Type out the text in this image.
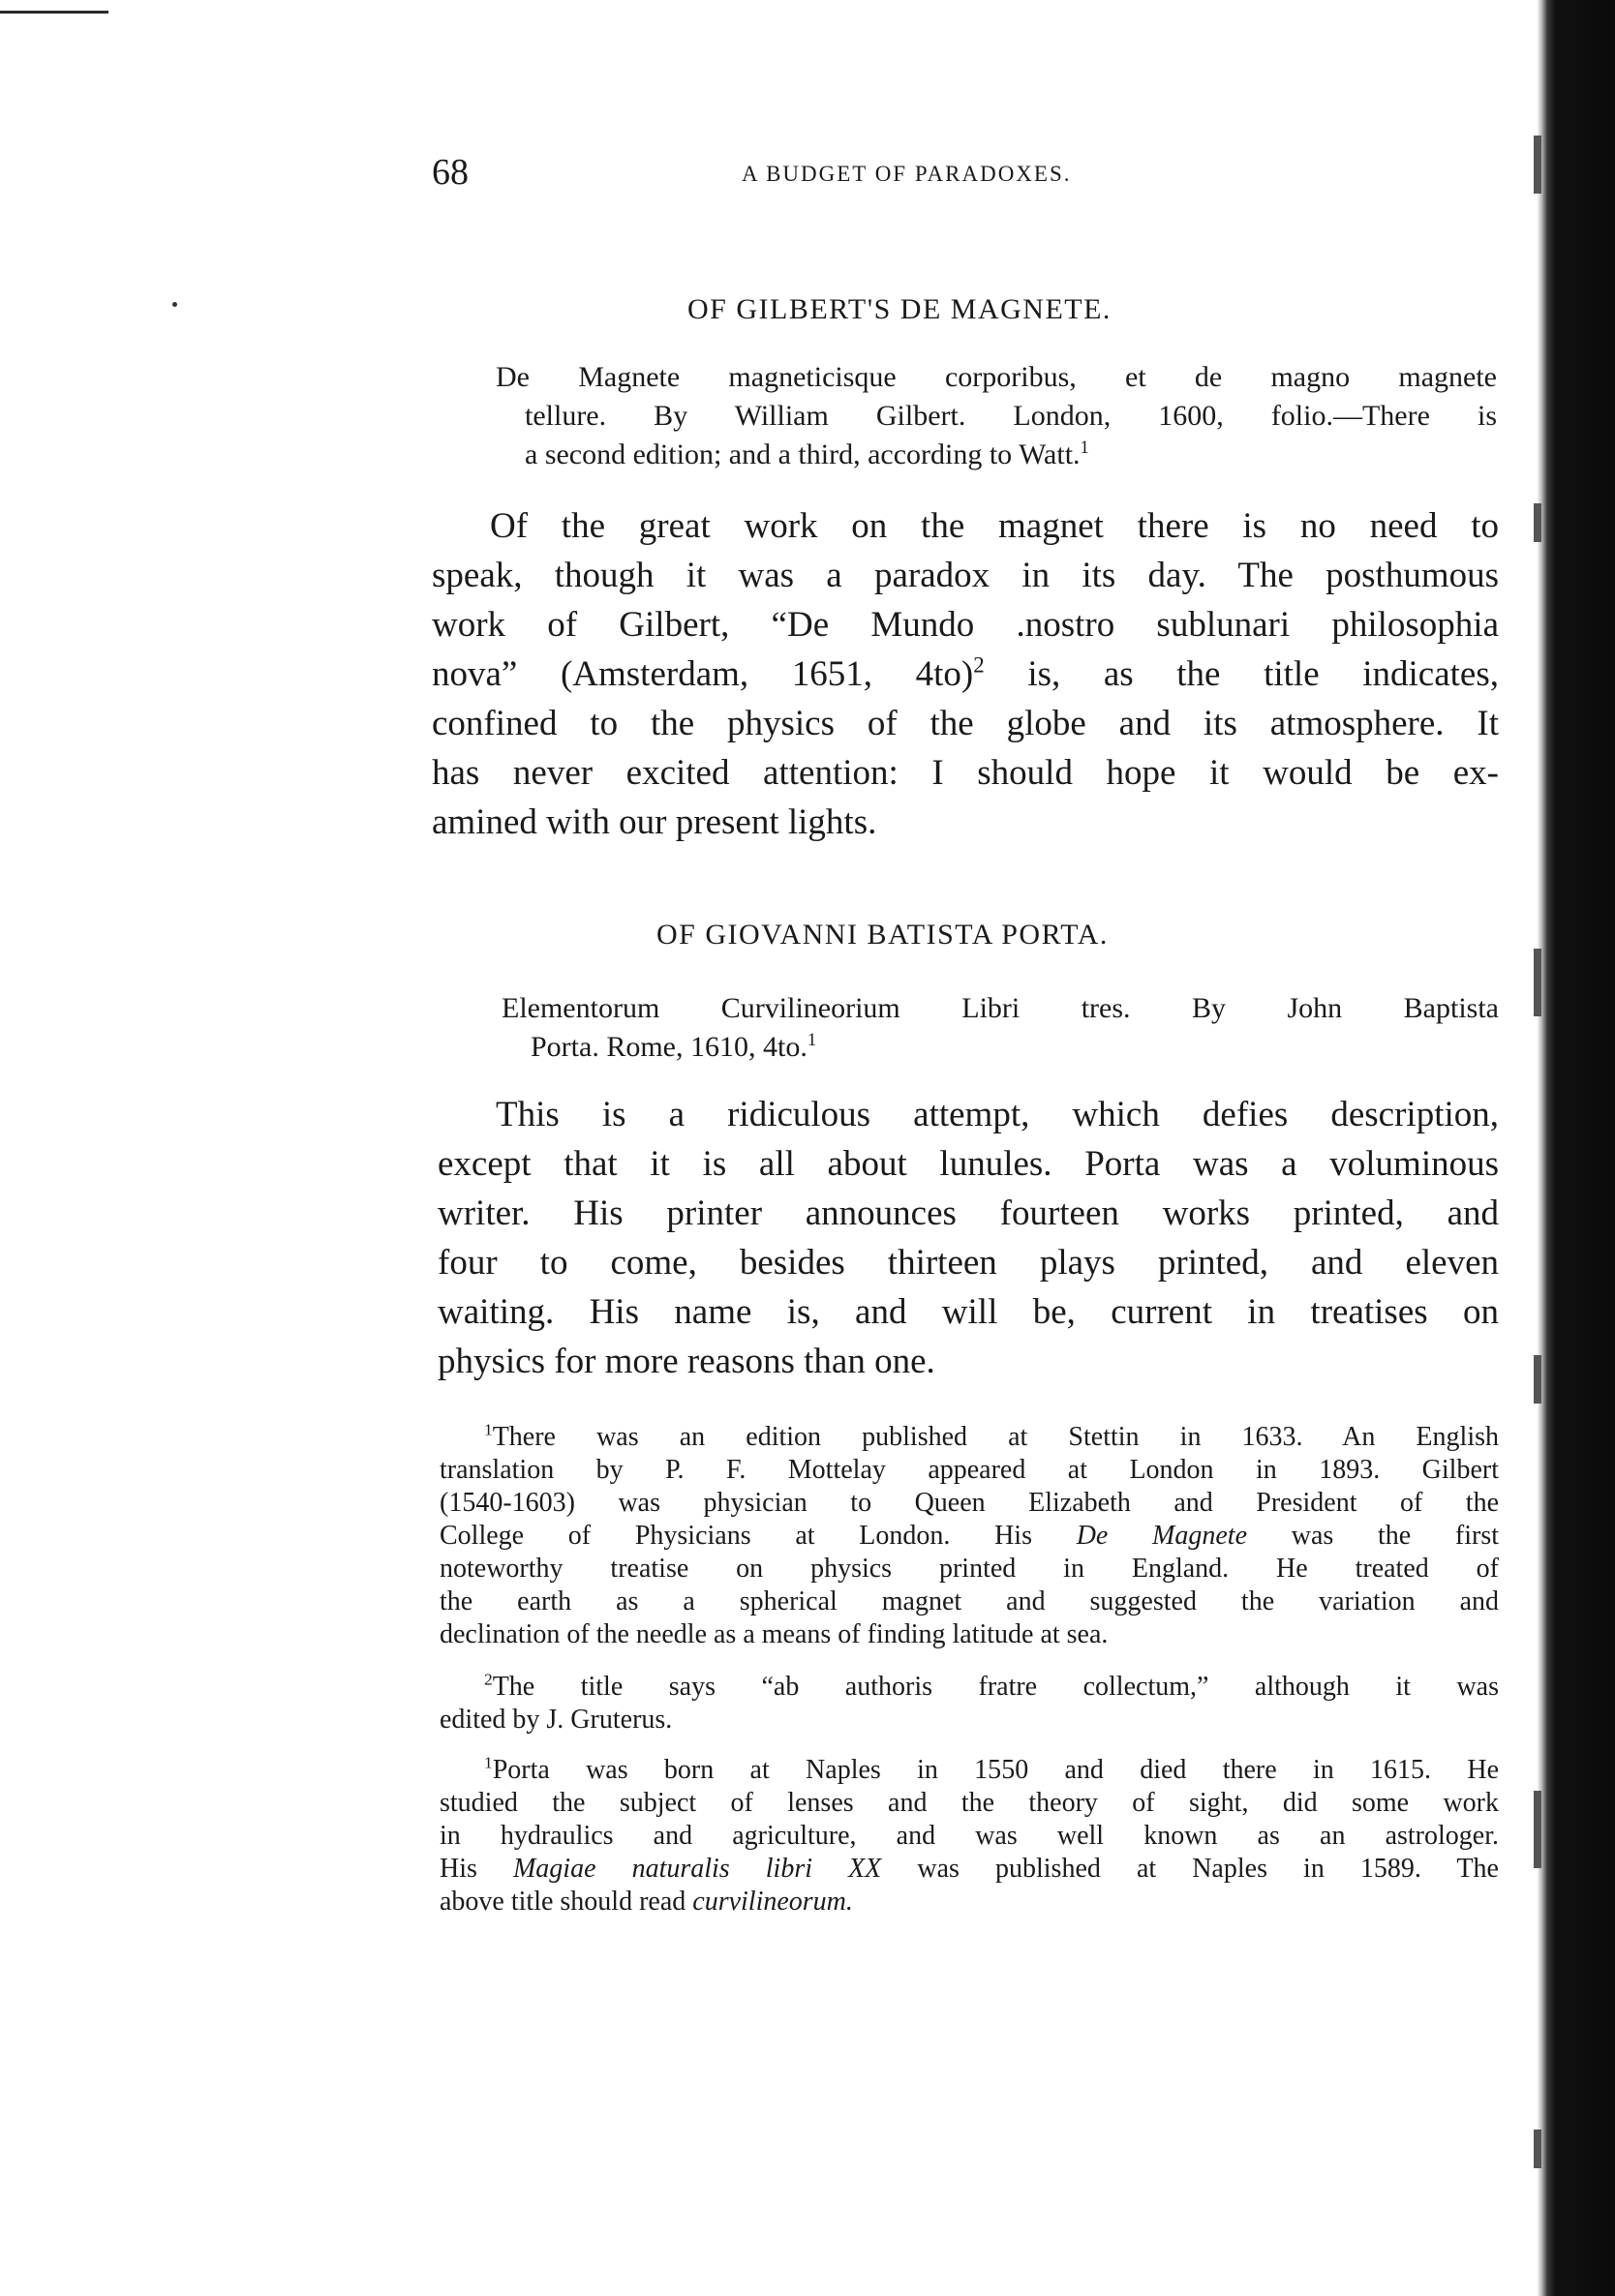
68	A BUDGET OF PARADOXES.
OF GILBERT'S DE MAGNETE.
De Magnete magneticisque corporibus, et de magno magnete
tellure. By William Gilbert. London, 1600, folio.—There is
a second edition; and a third, according to Watt.$^1$
Of the great work on the magnet there is no need to
speak, though it was a paradox in its day. The posthumous
work of Gilbert, “De Mundo .nostro sublunari philosophia
nova” (Amsterdam, 1651, 4to)$^2$ is, as the title indicates,
confined to the physics of the globe and its atmosphere. It
has never excited attention: I should hope it would be ex-
amined with our present lights.
OF GIOVANNI BATISTA PORTA.
Elementorum Curvilineorium Libri tres. By John Baptista
Porta. Rome, 1610, 4to.$^1$
This is a ridiculous attempt, which defies description,
except that it is all about lunules. Porta was a voluminous
writer. His printer announces fourteen works printed, and
four to come, besides thirteen plays printed, and eleven
waiting. His name is, and will be, current in treatises on
physics for more reasons than one.
$^1$There was an edition published at Stettin in 1633. An English
translation by P. F. Mottelay appeared at London in 1893. Gilbert
(1540-1603) was physician to Queen Elizabeth and President of the
College of Physicians at London. His De Magnete was the first
noteworthy treatise on physics printed in England. He treated of
the earth as a spherical magnet and suggested the variation and
declination of the needle as a means of finding latitude at sea.
$^2$The title says “ab authoris fratre collectum,” although it was
edited by J. Gruterus.
$^1$Porta was born at Naples in 1550 and died there in 1615. He
studied the subject of lenses and the theory of sight, did some work
in hydraulics and agriculture, and was well known as an astrologer.
His Magiae naturalis libri XX was published at Naples in 1589. The
above title should read curvilineorum.
